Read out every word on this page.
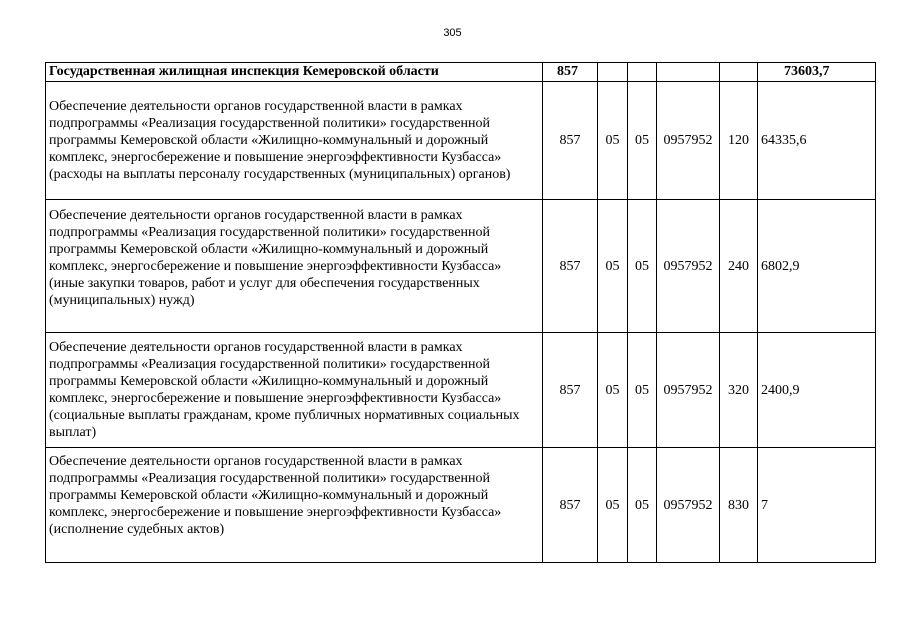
305
Государственная жилищная инспекция Кемеровской области	857					73603,7

Обеспечение деятельности органов государственной власти в рамках подпрограммы «Реализация государственной политики» государственной программы Кемеровской области «Жилищно-коммунальный и дорожный комплекс, энергосбережение и повышение энергоэффективности Кузбасса» (расходы на выплаты персоналу государственных (муниципальных) органов)	857	05	05	0957952	120	64335,6

Обеспечение деятельности органов государственной власти в рамках подпрограммы «Реализация государственной политики» государственной программы Кемеровской области «Жилищно-коммунальный и дорожный комплекс, энергосбережение и повышение энергоэффективности Кузбасса» (иные закупки товаров, работ и услуг для обеспечения государственных (муниципальных) нужд)	857	05	05	0957952	240	6802,9

Обеспечение деятельности органов государственной власти в рамках подпрограммы «Реализация государственной политики» государственной программы Кемеровской области «Жилищно-коммунальный и дорожный комплекс, энергосбережение и повышение энергоэффективности Кузбасса» (социальные выплаты гражданам, кроме публичных нормативных социальных выплат)	857	05	05	0957952	320	2400,9

Обеспечение деятельности органов государственной власти в рамках подпрограммы «Реализация государственной политики» государственной программы Кемеровской области «Жилищно-коммунальный и дорожный комплекс, энергосбережение и повышение энергоэффективности Кузбасса» (исполнение судебных актов)	857	05	05	0957952	830	7
